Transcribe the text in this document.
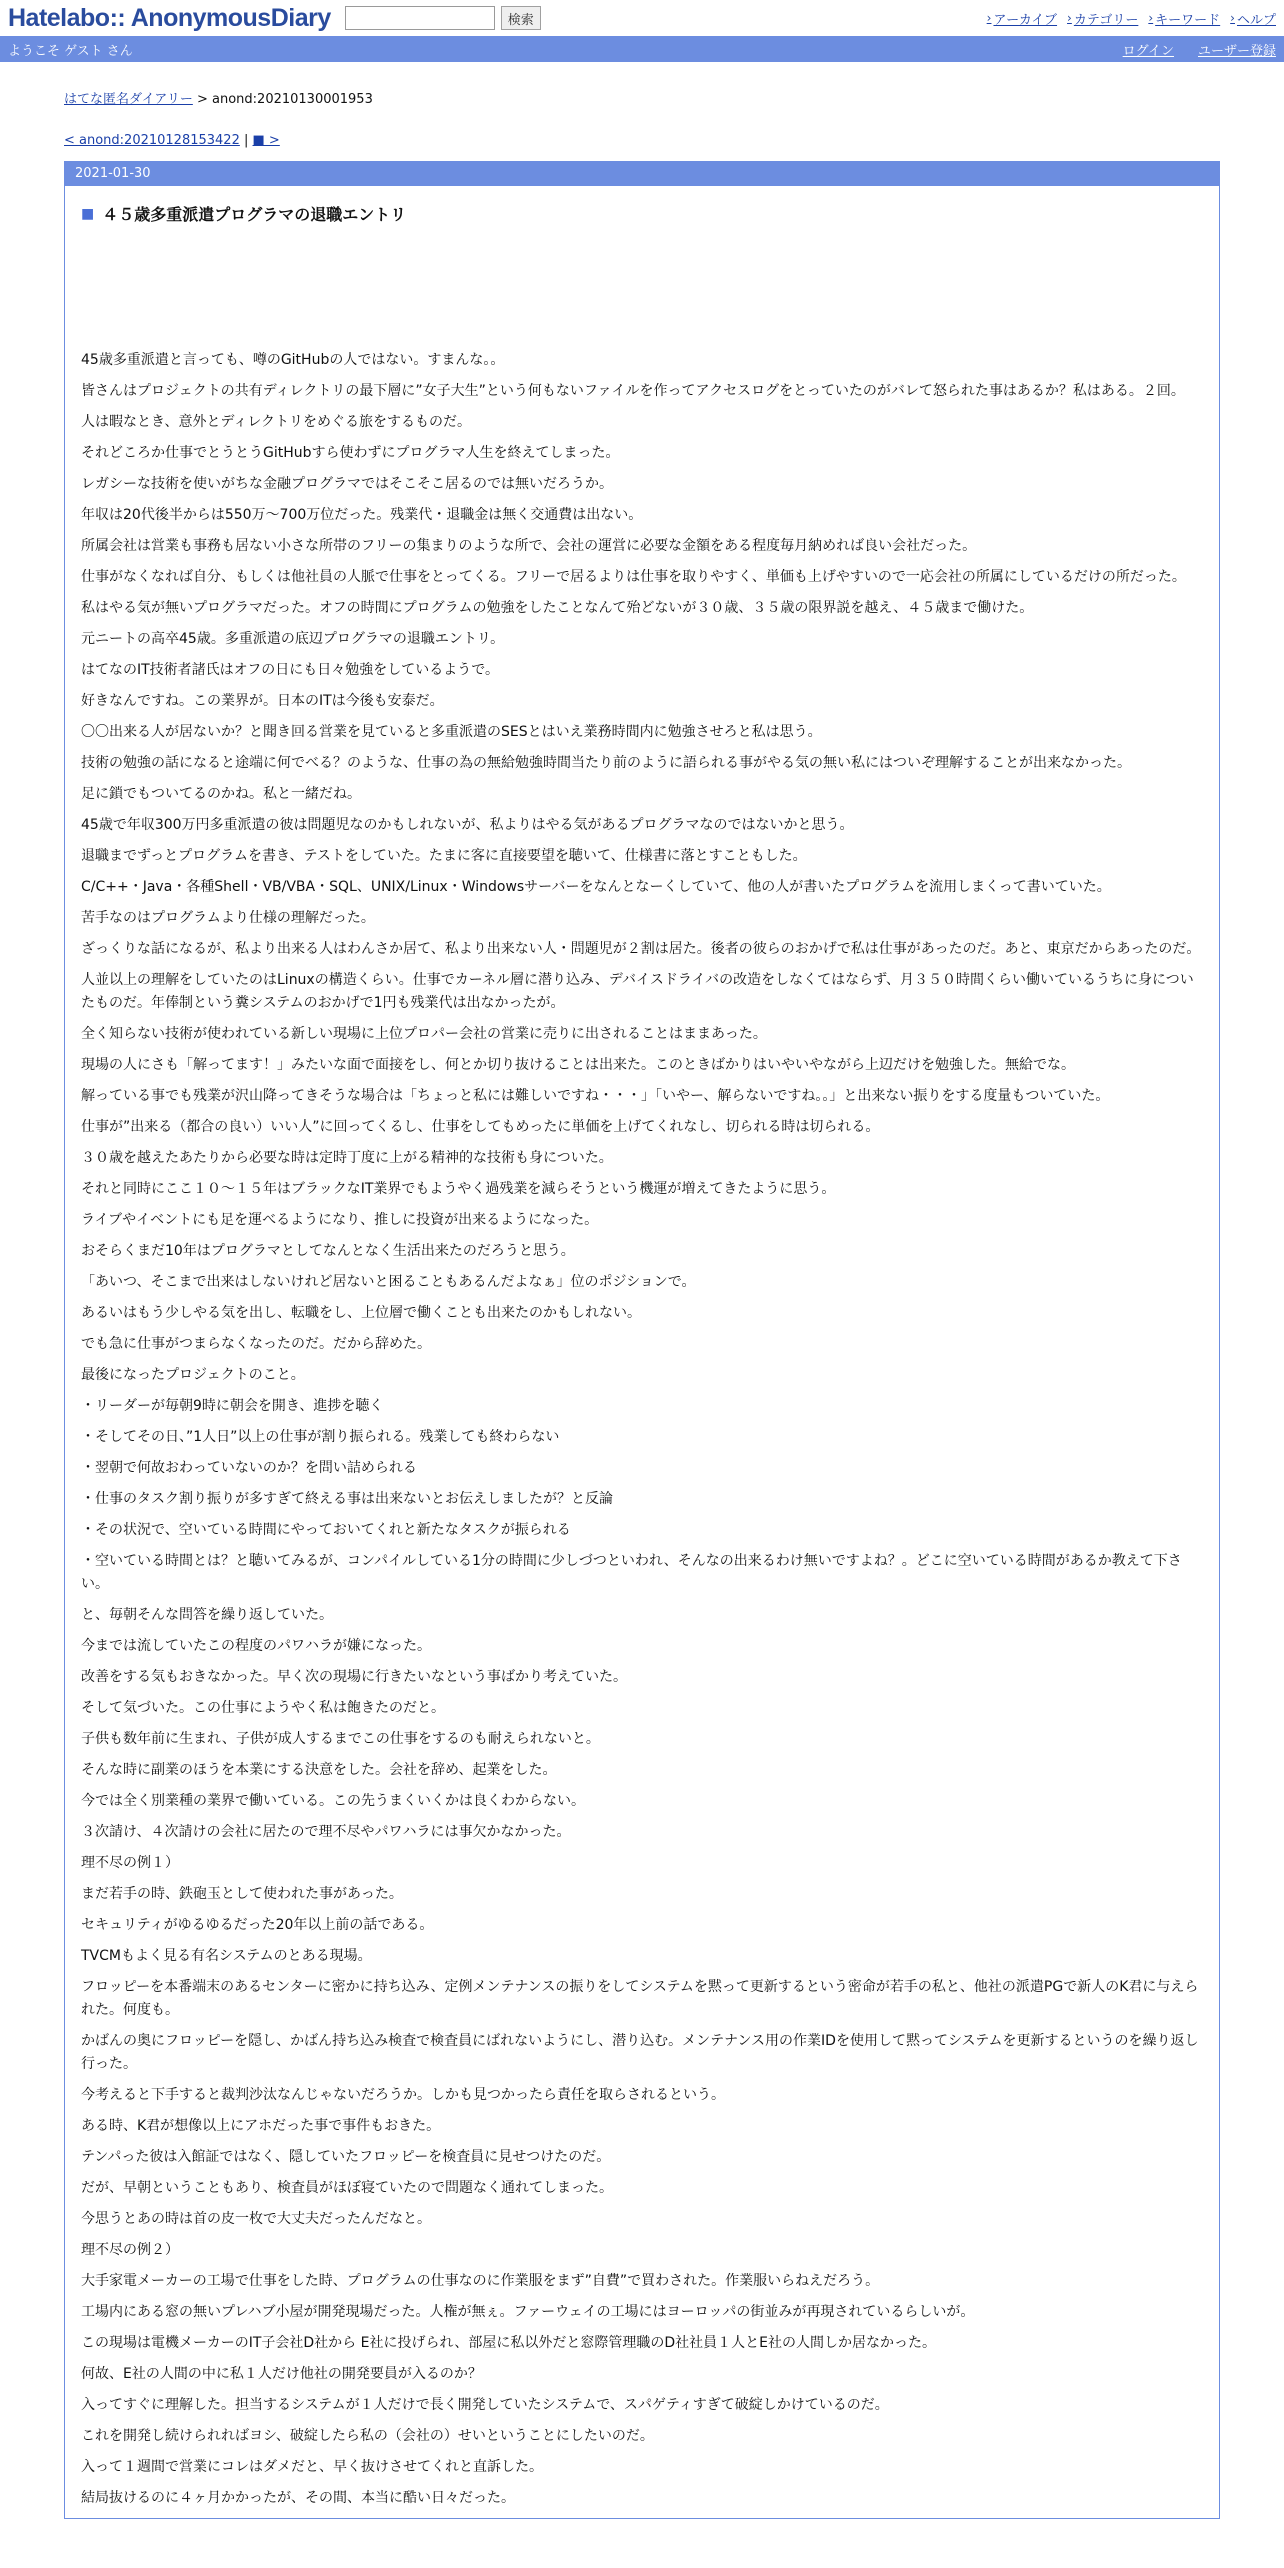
Hatelabo:: AnonymousDiary	検索	› アーカイブ › カテゴリー › キーワード › ヘルプ
ようこそ ゲスト さん	ログイン ユーザー登録
はてな匿名ダイアリー > anond:20210130001953
< anond:20210128153422 | ■ >
2021-01-30
■ ４５歳多重派遣プログラマの退職エントリ

45歳多重派遣と言っても、噂のGitHubの人ではない。すまんな。。

皆さんはプロジェクトの共有ディレクトリの最下層に”女子大生”という何もないファイルを作ってアクセスログをとっていたのがバレて怒られた事はあるか？私はある。２回。

人は暇なとき、意外とディレクトリをめぐる旅をするものだ。

それどころか仕事でとうとうGitHubすら使わずにプログラマ人生を終えてしまった。

レガシーな技術を使いがちな金融プログラマではそこそこ居るのでは無いだろうか。

年収は20代後半からは550万～700万位だった。残業代・退職金は無く交通費は出ない。

所属会社は営業も事務も居ない小さな所帯のフリーの集まりのような所で、会社の運営に必要な金額をある程度毎月納めれば良い会社だった。

仕事がなくなれば自分、もしくは他社員の人脈で仕事をとってくる。フリーで居るよりは仕事を取りやすく、単価も上げやすいので一応会社の所属にしているだけの所だった。

私はやる気が無いプログラマだった。オフの時間にプログラムの勉強をしたことなんて殆どないが３０歳、３５歳の限界説を越え、４５歳まで働けた。

元ニートの高卒45歳。多重派遣の底辺プログラマの退職エントリ。

はてなのIT技術者諸氏はオフの日にも日々勉強をしているようで。

好きなんですね。この業界が。日本のITは今後も安泰だ。

〇〇出来る人が居ないか？と聞き回る営業を見ていると多重派遣のSESとはいえ業務時間内に勉強させろと私は思う。

技術の勉強の話になると途端に何でべる？のような、仕事の為の無給勉強時間当たり前のように語られる事がやる気の無い私にはついぞ理解することが出来なかった。

足に鎖でもついてるのかね。私と一緒だね。

45歳で年収300万円多重派遣の彼は問題児なのかもしれないが、私よりはやる気があるプログラマなのではないかと思う。

退職までずっとプログラムを書き、テストをしていた。たまに客に直接要望を聴いて、仕様書に落とすこともした。

C/C++・Java・各種Shell・VB/VBA・SQL、UNIX/Linux・Windowsサーバーをなんとなーくしていて、他の人が書いたプログラムを流用しまくって書いていた。

苦手なのはプログラムより仕様の理解だった。

ざっくりな話になるが、私より出来る人はわんさか居て、私より出来ない人・問題児が２割は居た。後者の彼らのおかげで私は仕事があったのだ。あと、東京だからあったのだ。

人並以上の理解をしていたのはLinuxの構造くらい。仕事でカーネル層に潜り込み、デバイスドライバの改造をしなくてはならず、月３５０時間くらい働いているうちに身についたものだ。年俸制という糞システムのおかげで1円も残業代は出なかったが。

全く知らない技術が使われている新しい現場に上位プロパー会社の営業に売りに出されることはままあった。

現場の人にさも「解ってます！」みたいな面で面接をし、何とか切り抜けることは出来た。このときばかりはいやいやながら上辺だけを勉強した。無給でな。

解っている事でも残業が沢山降ってきそうな場合は「ちょっと私には難しいですね・・・」「いやー、解らないですね。。」と出来ない振りをする度量もついていた。

仕事が”出来る（都合の良い）いい人”に回ってくるし、仕事をしてもめったに単価を上げてくれなし、切られる時は切られる。

３０歳を越えたあたりから必要な時は定時丁度に上がる精神的な技術も身についた。

それと同時にここ１０～１５年はブラックなIT業界でもようやく過残業を減らそうという機運が増えてきたように思う。

ライブやイベントにも足を運べるようになり、推しに投資が出来るようになった。

おそらくまだ10年はプログラマとしてなんとなく生活出来たのだろうと思う。

「あいつ、そこまで出来はしないけれど居ないと困ることもあるんだよなぁ」位のポジションで。

あるいはもう少しやる気を出し、転職をし、上位層で働くことも出来たのかもしれない。

でも急に仕事がつまらなくなったのだ。だから辞めた。

最後になったプロジェクトのこと。

・リーダーが毎朝9時に朝会を開き、進捗を聴く

・そしてその日、”1人日”以上の仕事が割り振られる。残業しても終わらない

・翌朝で何故おわっていないのか？を問い詰められる

・仕事のタスク割り振りが多すぎて終える事は出来ないとお伝えしましたが？と反論

・その状況で、空いている時間にやっておいてくれと新たなタスクが振られる

・空いている時間とは？と聴いてみるが、コンパイルしている1分の時間に少しづつといわれ、そんなの出来るわけ無いですよね？。どこに空いている時間があるか教えて下さい。

と、毎朝そんな問答を繰り返していた。

今までは流していたこの程度のパワハラが嫌になった。

改善をする気もおきなかった。早く次の現場に行きたいなという事ばかり考えていた。

そして気づいた。この仕事にようやく私は飽きたのだと。

子供も数年前に生まれ、子供が成人するまでこの仕事をするのも耐えられないと。

そんな時に副業のほうを本業にする決意をした。会社を辞め、起業をした。

今では全く別業種の業界で働いている。この先うまくいくかは良くわからない。

３次請け、４次請けの会社に居たので理不尽やパワハラには事欠かなかった。

理不尽の例１）

まだ若手の時、鉄砲玉として使われた事があった。

セキュリティがゆるゆるだった20年以上前の話である。

TVCMもよく見る有名システムのとある現場。

フロッピーを本番端末のあるセンターに密かに持ち込み、定例メンテナンスの振りをしてシステムを黙って更新するという密命が若手の私と、他社の派遣PGで新人のK君に与えられた。何度も。

かばんの奥にフロッピーを隠し、かばん持ち込み検査で検査員にばれないようにし、潜り込む。メンテナンス用の作業IDを使用して黙ってシステムを更新するというのを繰り返し行った。

今考えると下手すると裁判沙汰なんじゃないだろうか。しかも見つかったら責任を取らされるという。

ある時、K君が想像以上にアホだった事で事件もおきた。

テンパった彼は入館証ではなく、隠していたフロッピーを検査員に見せつけたのだ。

だが、早朝ということもあり、検査員がほぼ寝ていたので問題なく通れてしまった。

今思うとあの時は首の皮一枚で大丈夫だったんだなと。

理不尽の例２）

大手家電メーカーの工場で仕事をした時、プログラムの仕事なのに作業服をまず”自費”で買わされた。作業服いらねえだろう。

工場内にある窓の無いプレハブ小屋が開発現場だった。人権が無ぇ。ファーウェイの工場にはヨーロッパの街並みが再現されているらしいが。

この現場は電機メーカーのIT子会社D社から E社に投げられ、部屋に私以外だと窓際管理職のD社社員１人とE社の人間しか居なかった。

何故、E社の人間の中に私１人だけ他社の開発要員が入るのか？

入ってすぐに理解した。担当するシステムが１人だけで長く開発していたシステムで、スパゲティすぎて破綻しかけているのだ。

これを開発し続けられればヨシ、破綻したら私の（会社の）せいということにしたいのだ。

入って１週間で営業にコレはダメだと、早く抜けさせてくれと直訴した。

結局抜けるのに４ヶ月かかったが、その間、本当に酷い日々だった。
